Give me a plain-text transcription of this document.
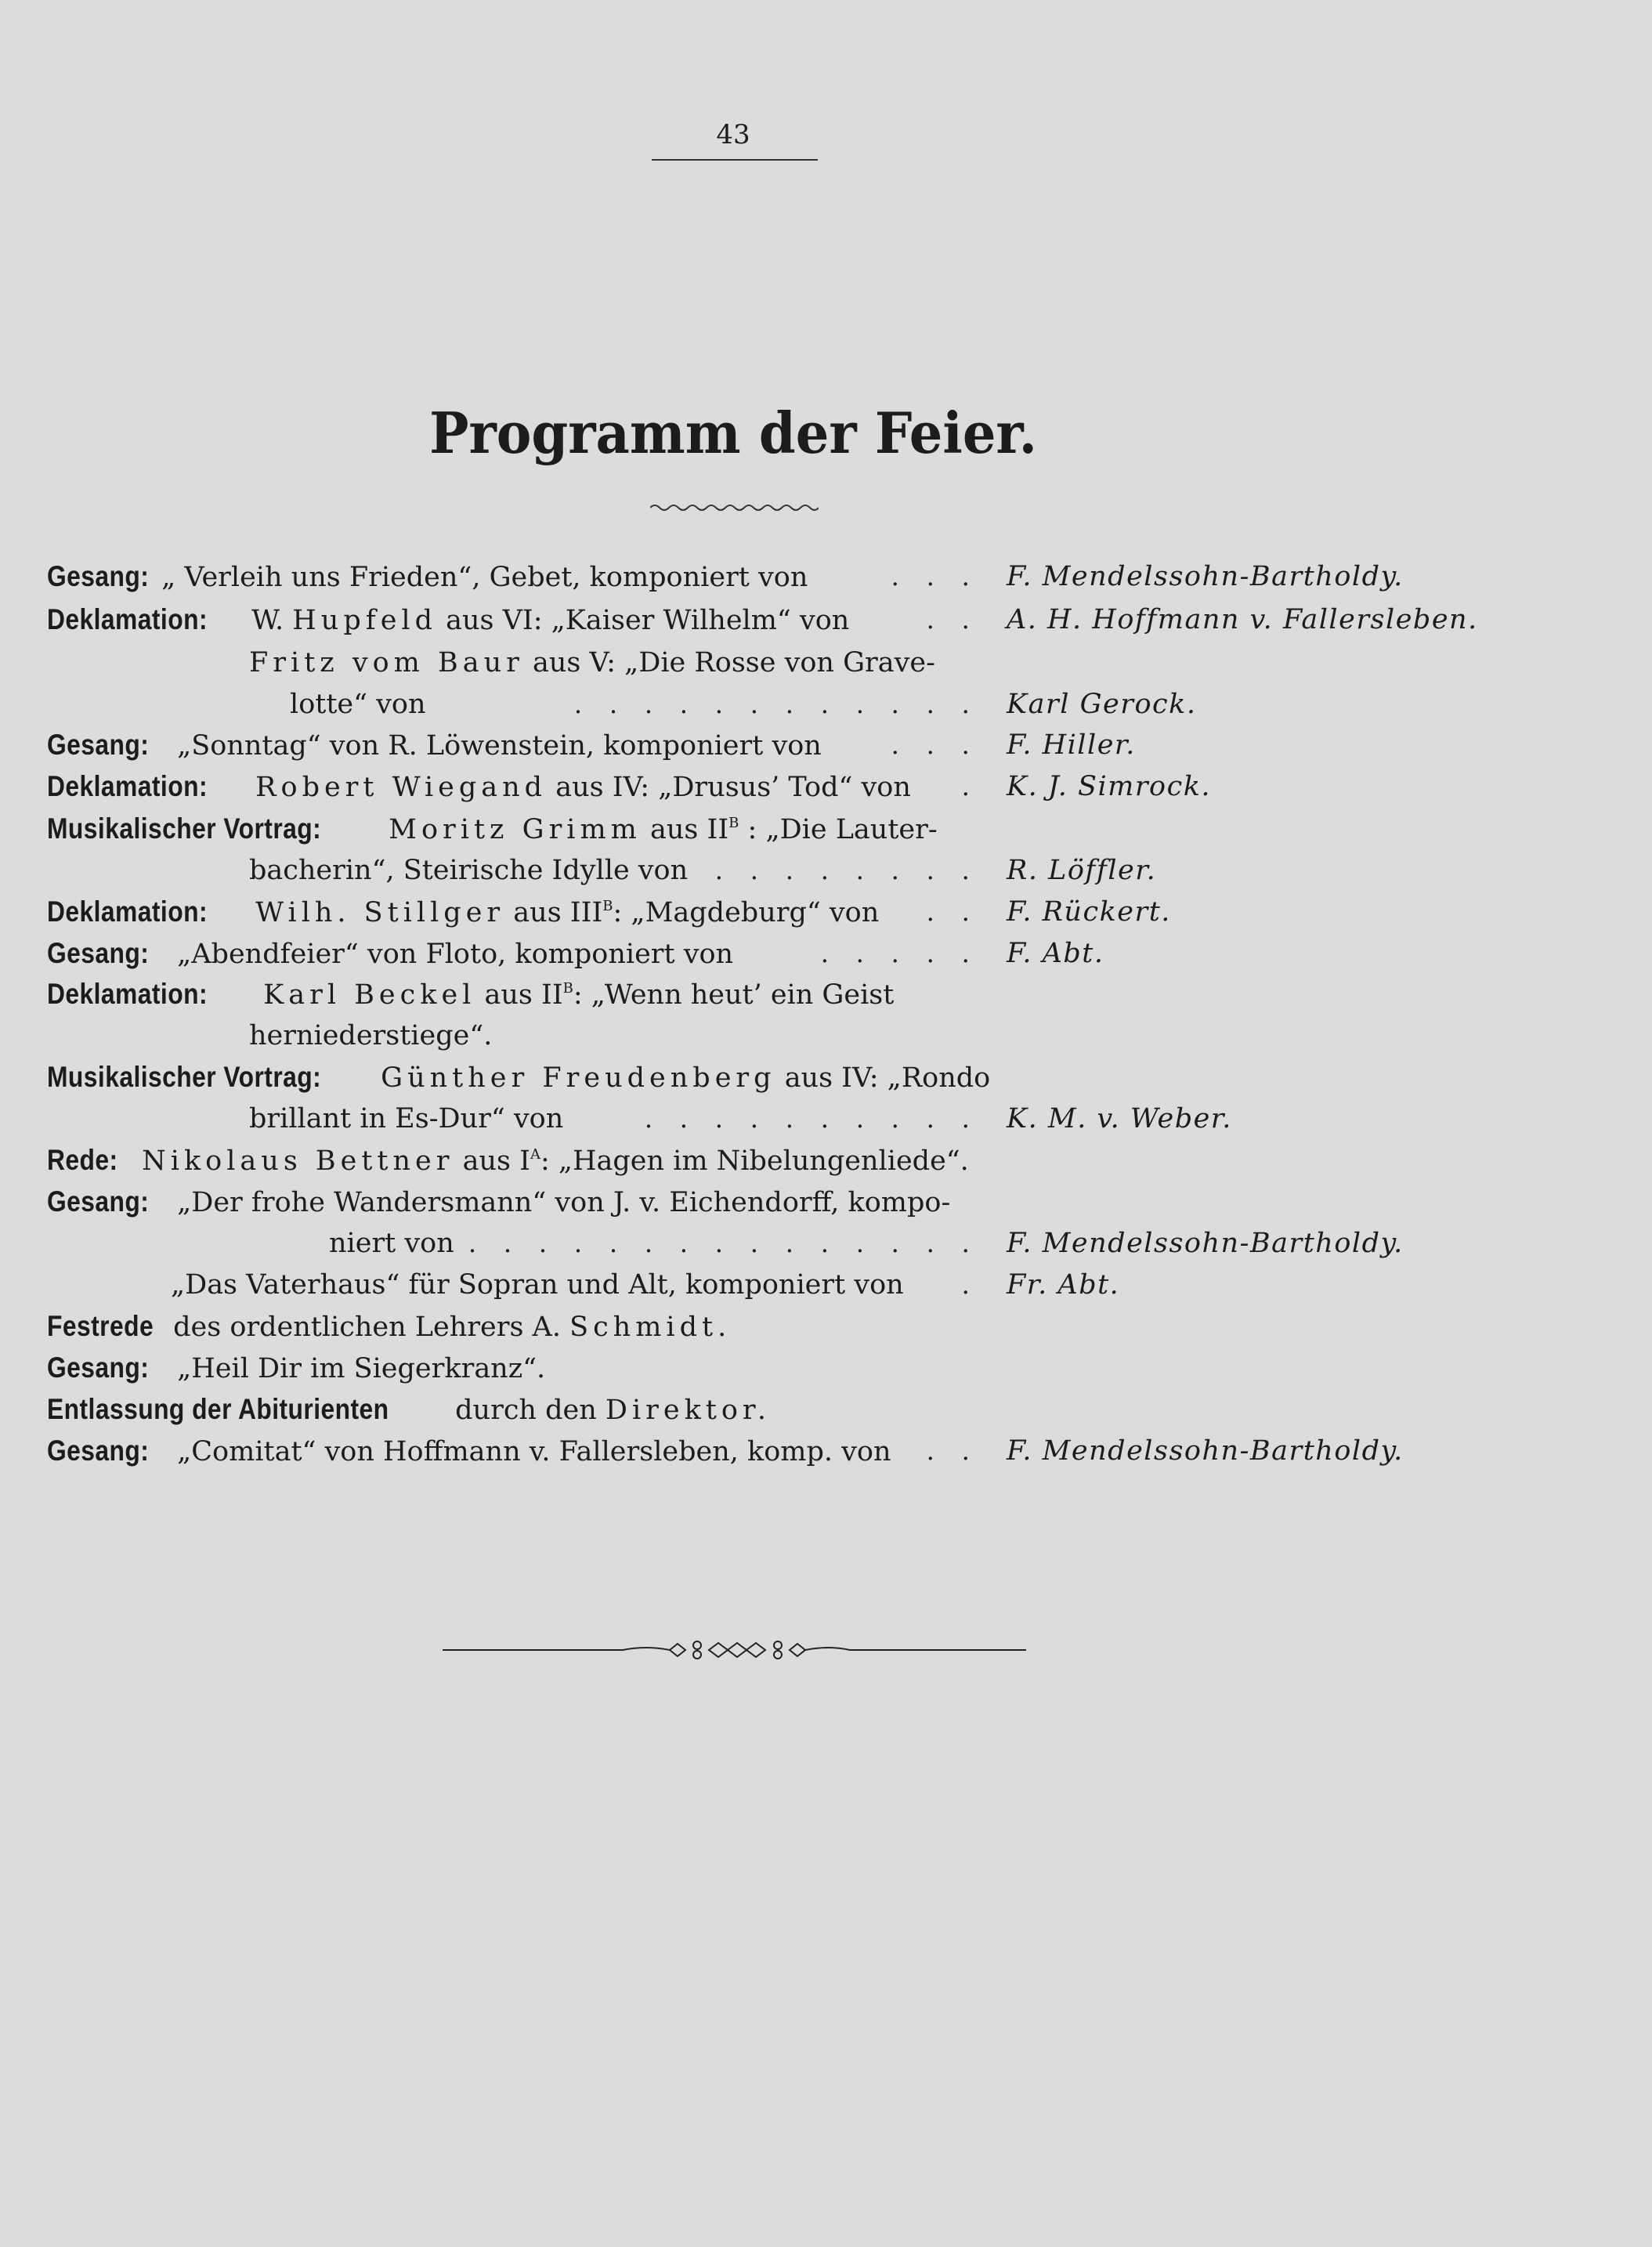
43
Programm der Feier.
Gesang: „ Verleih uns Frieden“, Gebet, komponiert von	. . . F. Mendelssohn-Bartholdy.
Deklamation: W. Hupfeld aus VI: „Kaiser Wilhelm“ von	. . A. H. Hoffmann v. Fallersleben.
Fritz vom Baur aus V: „Die Rosse von Grave-
lotte“ von	. . . . . . . . . . . . Karl Gerock.
Gesang: „Sonntag“ von R. Löwenstein, komponiert von	. . . F. Hiller.
Deklamation: Robert Wiegand aus IV: „Drusus’ Tod“ von	. K. J. Simrock.
Musikalischer Vortrag: Moritz Grimm aus $II^B$ : „Die Lauter-
bacherin“, Steirische Idylle von	. . . . . . . . R. Löffler.
Deklamation: Wilh. Stillger aus $III^B$: „Magdeburg“ von	. . F. Rückert.
Gesang: „Abendfeier“ von Floto, komponiert von	. . . . . F. Abt.
Deklamation: Karl Beckel aus $II^B$: „Wenn heut’ ein Geist
herniederstiege“.
Musikalischer Vortrag: Günther Freudenberg aus IV: „Rondo
brillant in Es-Dur“ von	. . . . . . . . . . K. M. v. Weber.
Rede: Nikolaus Bettner aus $I^A$: „Hagen im Nibelungenliede“.
Gesang: „Der frohe Wandersmann“ von J. v. Eichendorff, kompo-
niert von . . . . . . . . . . . . . . . F. Mendelssohn-Bartholdy.
„Das Vaterhaus“ für Sopran und Alt, komponiert von	. Fr. Abt.
Festrede des ordentlichen Lehrers A. Schmidt.
Gesang: „Heil Dir im Siegerkranz“.
Entlassung der Abiturienten durch den Direktor.
Gesang: „Comitat“ von Hoffmann v. Fallersleben, komp. von	. . F. Mendelssohn-Bartholdy.
